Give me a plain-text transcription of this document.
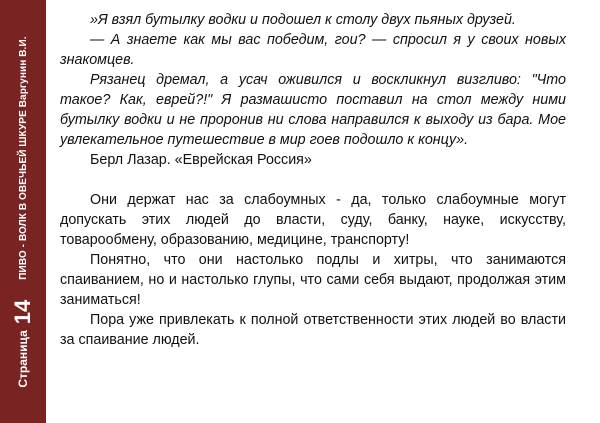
Страница
14
ПИВО - ВОЛК В ОВЕЧЬЕЙ ШКУРЕ Варгунин В.И.

»Я взял бутылку водки и подошел к столу двух пьяных друзей.

— А знаете как мы вас победим, гои? — спросил я у своих новых знакомцев.

Рязанец дремал, а усач оживился и воскликнул визгливо: "Что такое? Как, еврей?!" Я размашисто поставил на стол между ними бутылку водки и не проронив ни слова направился к выходу из бара. Мое увлекательное путешествие в мир гоев подошло к концу».

Берл Лазар. «Еврейская Россия»

Они держат нас за слабоумных - да, только слабоумные могут допускать этих людей до власти, суду, банку, науке, искусству, товарообмену, образованию, медицине, транспорту!

Понятно, что они настолько подлы и хитры, что занимаются спаиванием, но и настолько глупы, что сами себя выдают, продолжая этим заниматься!

Пора уже привлекать к полной ответственности этих людей во власти за спаивание людей.
